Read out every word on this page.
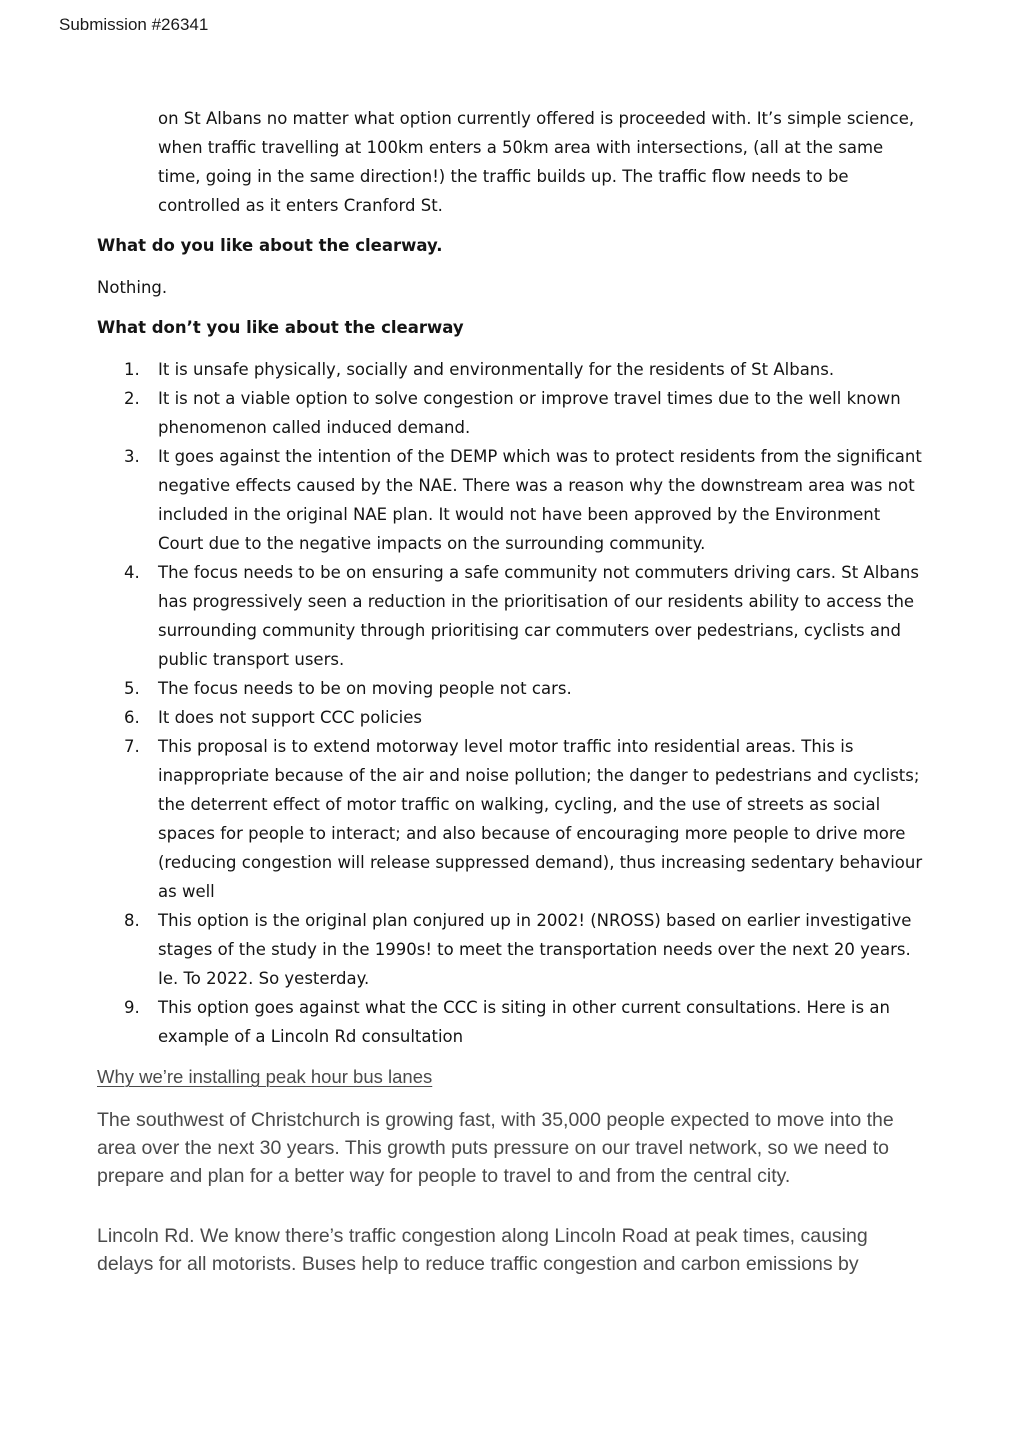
Submission #26341

on St Albans no matter what option currently offered is proceeded with. It’s simple science, when traffic travelling at 100km enters a 50km area with intersections, (all at the same time, going in the same direction!) the traffic builds up. The traffic flow needs to be controlled as it enters Cranford St.

What do you like about the clearway.

Nothing.

What don’t you like about the clearway

1.	It is unsafe physically, socially and environmentally for the residents of St Albans.
2.	It is not a viable option to solve congestion or improve travel times due to the well known phenomenon called induced demand.
3.	It goes against the intention of the DEMP which was to protect residents from the significant negative effects caused by the NAE. There was a reason why the downstream area was not included in the original NAE plan. It would not have been approved by the Environment Court due to the negative impacts on the surrounding community.
4.	The focus needs to be on ensuring a safe community not commuters driving cars. St Albans has progressively seen a reduction in the prioritisation of our residents ability to access the surrounding community through prioritising car commuters over pedestrians, cyclists and public transport users.
5.	The focus needs to be on moving people not cars.
6.	It does not support CCC policies
7.	This proposal is to extend motorway level motor traffic into residential areas. This is inappropriate because of the air and noise pollution; the danger to pedestrians and cyclists; the deterrent effect of motor traffic on walking, cycling, and the use of streets as social spaces for people to interact; and also because of encouraging more people to drive more (reducing congestion will release suppressed demand), thus increasing sedentary behaviour as well
8.	This option is the original plan conjured up in 2002! (NROSS) based on earlier investigative stages of the study in the 1990s! to meet the transportation needs over the next 20 years. Ie. To 2022. So yesterday.
9.	This option goes against what the CCC is siting in other current consultations. Here is an example of a Lincoln Rd consultation

Why we’re installing peak hour bus lanes

The southwest of Christchurch is growing fast, with 35,000 people expected to move into the area over the next 30 years. This growth puts pressure on our travel network, so we need to prepare and plan for a better way for people to travel to and from the central city.

Lincoln Rd. We know there’s traffic congestion along Lincoln Road at peak times, causing delays for all motorists. Buses help to reduce traffic congestion and carbon emissions by
